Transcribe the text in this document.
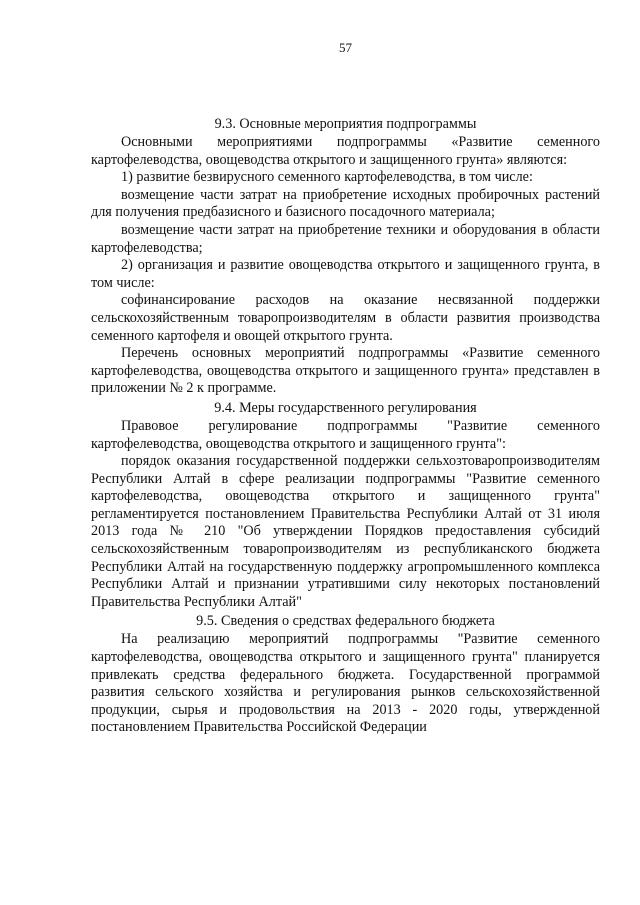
57
9.3. Основные мероприятия подпрограммы

Основными мероприятиями подпрограммы «Развитие семенного картофелеводства, овощеводства открытого и защищенного грунта» являются:

1) развитие безвирусного семенного картофелеводства, в том числе:

возмещение части затрат на приобретение исходных пробирочных растений для получения предбазисного и базисного посадочного материала;

возмещение части затрат на приобретение техники и оборудования в области картофелеводства;

2) организация и развитие овощеводства открытого и защищенного грунта, в том числе:

софинансирование расходов на оказание несвязанной поддержки сельскохозяйственным товаропроизводителям в области развития производства семенного картофеля и овощей открытого грунта.

Перечень основных мероприятий подпрограммы «Развитие семенного картофелеводства, овощеводства открытого и защищенного грунта» представлен в приложении № 2 к программе.

9.4. Меры государственного регулирования

Правовое регулирование подпрограммы "Развитие семенного картофелеводства, овощеводства открытого и защищенного грунта":

порядок оказания государственной поддержки сельхозтоваропроизводителям Республики Алтай в сфере реализации подпрограммы "Развитие семенного картофелеводства, овощеводства открытого и защищенного грунта" регламентируется постановлением Правительства Республики Алтай от 31 июля 2013 года № 210 "Об утверждении Порядков предоставления субсидий сельскохозяйственным товаропроизводителям из республиканского бюджета Республики Алтай на государственную поддержку агропромышленного комплекса Республики Алтай и признании утратившими силу некоторых постановлений Правительства Республики Алтай"

9.5. Сведения о средствах федерального бюджета

На реализацию мероприятий подпрограммы "Развитие семенного картофелеводства, овощеводства открытого и защищенного грунта" планируется привлекать средства федерального бюджета. Государственной программой развития сельского хозяйства и регулирования рынков сельскохозяйственной продукции, сырья и продовольствия на 2013 - 2020 годы, утвержденной постановлением Правительства Российской Федерации
